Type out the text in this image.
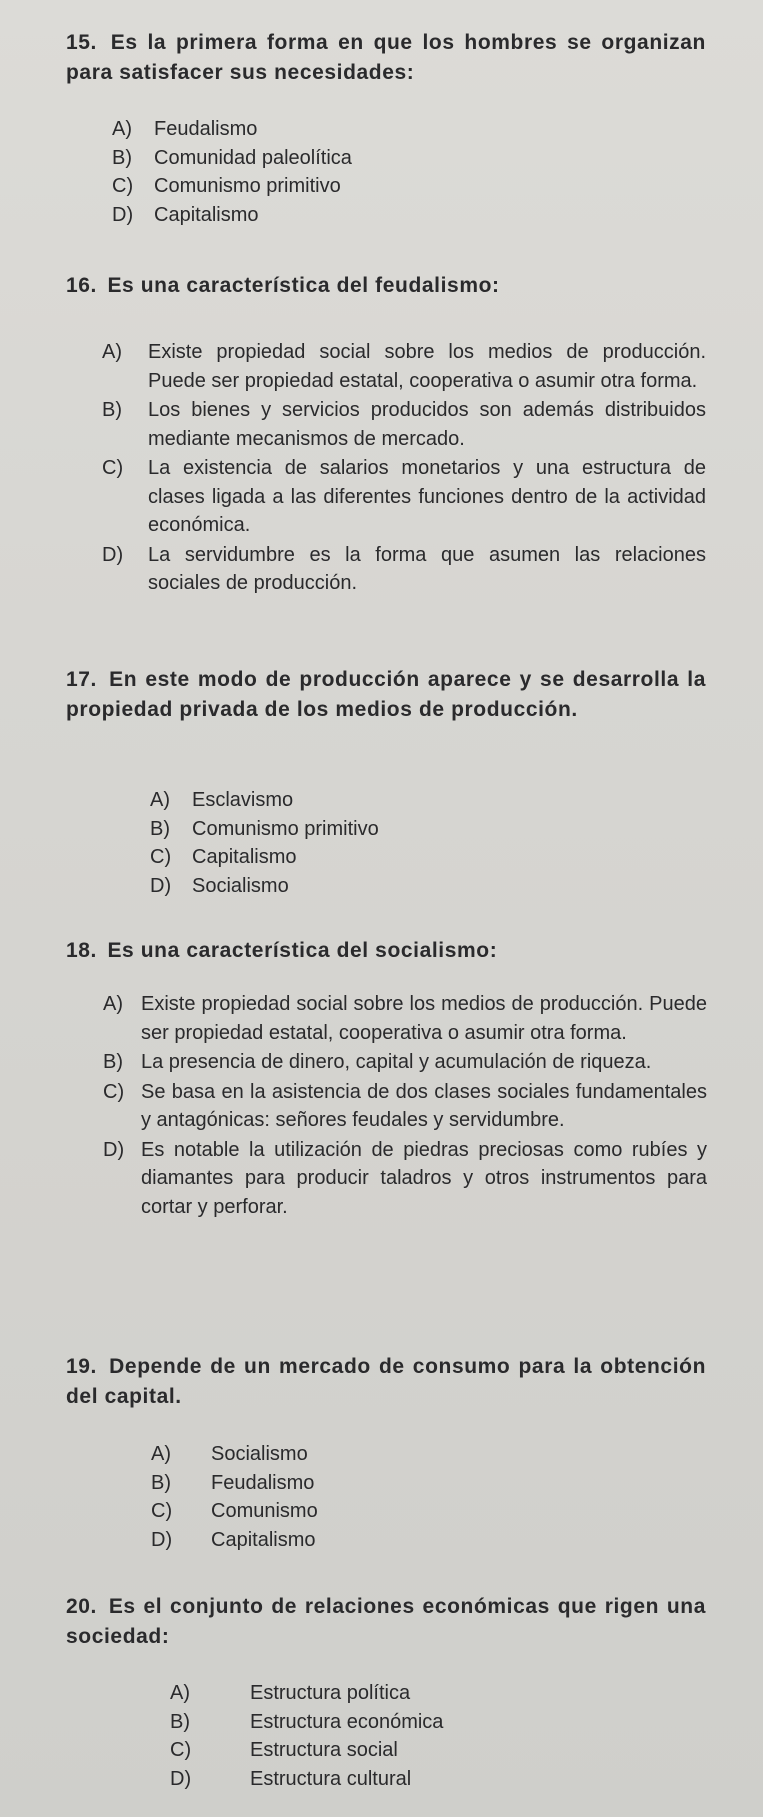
15. Es la primera forma en que los hombres se organizan para satisfacer sus necesidades:

A)	Feudalismo
B)	Comunidad paleolítica
C)	Comunismo primitivo
D)	Capitalismo

16. Es una característica del feudalismo:

A)	Existe propiedad social sobre los medios de producción. Puede ser propiedad estatal, cooperativa o asumir otra forma.
B)	Los bienes y servicios producidos son además distribuidos mediante mecanismos de mercado.
C)	La existencia de salarios monetarios y una estructura de clases ligada a las diferentes funciones dentro de la actividad económica.
D)	La servidumbre es la forma que asumen las relaciones sociales de producción.

17. En este modo de producción aparece y se desarrolla la propiedad privada de los medios de producción.

A)	Esclavismo
B)	Comunismo primitivo
C)	Capitalismo
D)	Socialismo

18. Es una característica del socialismo:

A) Existe propiedad social sobre los medios de producción. Puede ser propiedad estatal, cooperativa o asumir otra forma.
B) La presencia de dinero, capital y acumulación de riqueza.
C) Se basa en la asistencia de dos clases sociales fundamentales y antagónicas: señores feudales y servidumbre.
D) Es notable la utilización de piedras preciosas como rubíes y diamantes para producir taladros y otros instrumentos para cortar y perforar.

19. Depende de un mercado de consumo para la obtención del capital.

A)	Socialismo
B)	Feudalismo
C)	Comunismo
D)	Capitalismo

20. Es el conjunto de relaciones económicas que rigen una sociedad:

A)	Estructura política
B)	Estructura económica
C)	Estructura social
D)	Estructura cultural
